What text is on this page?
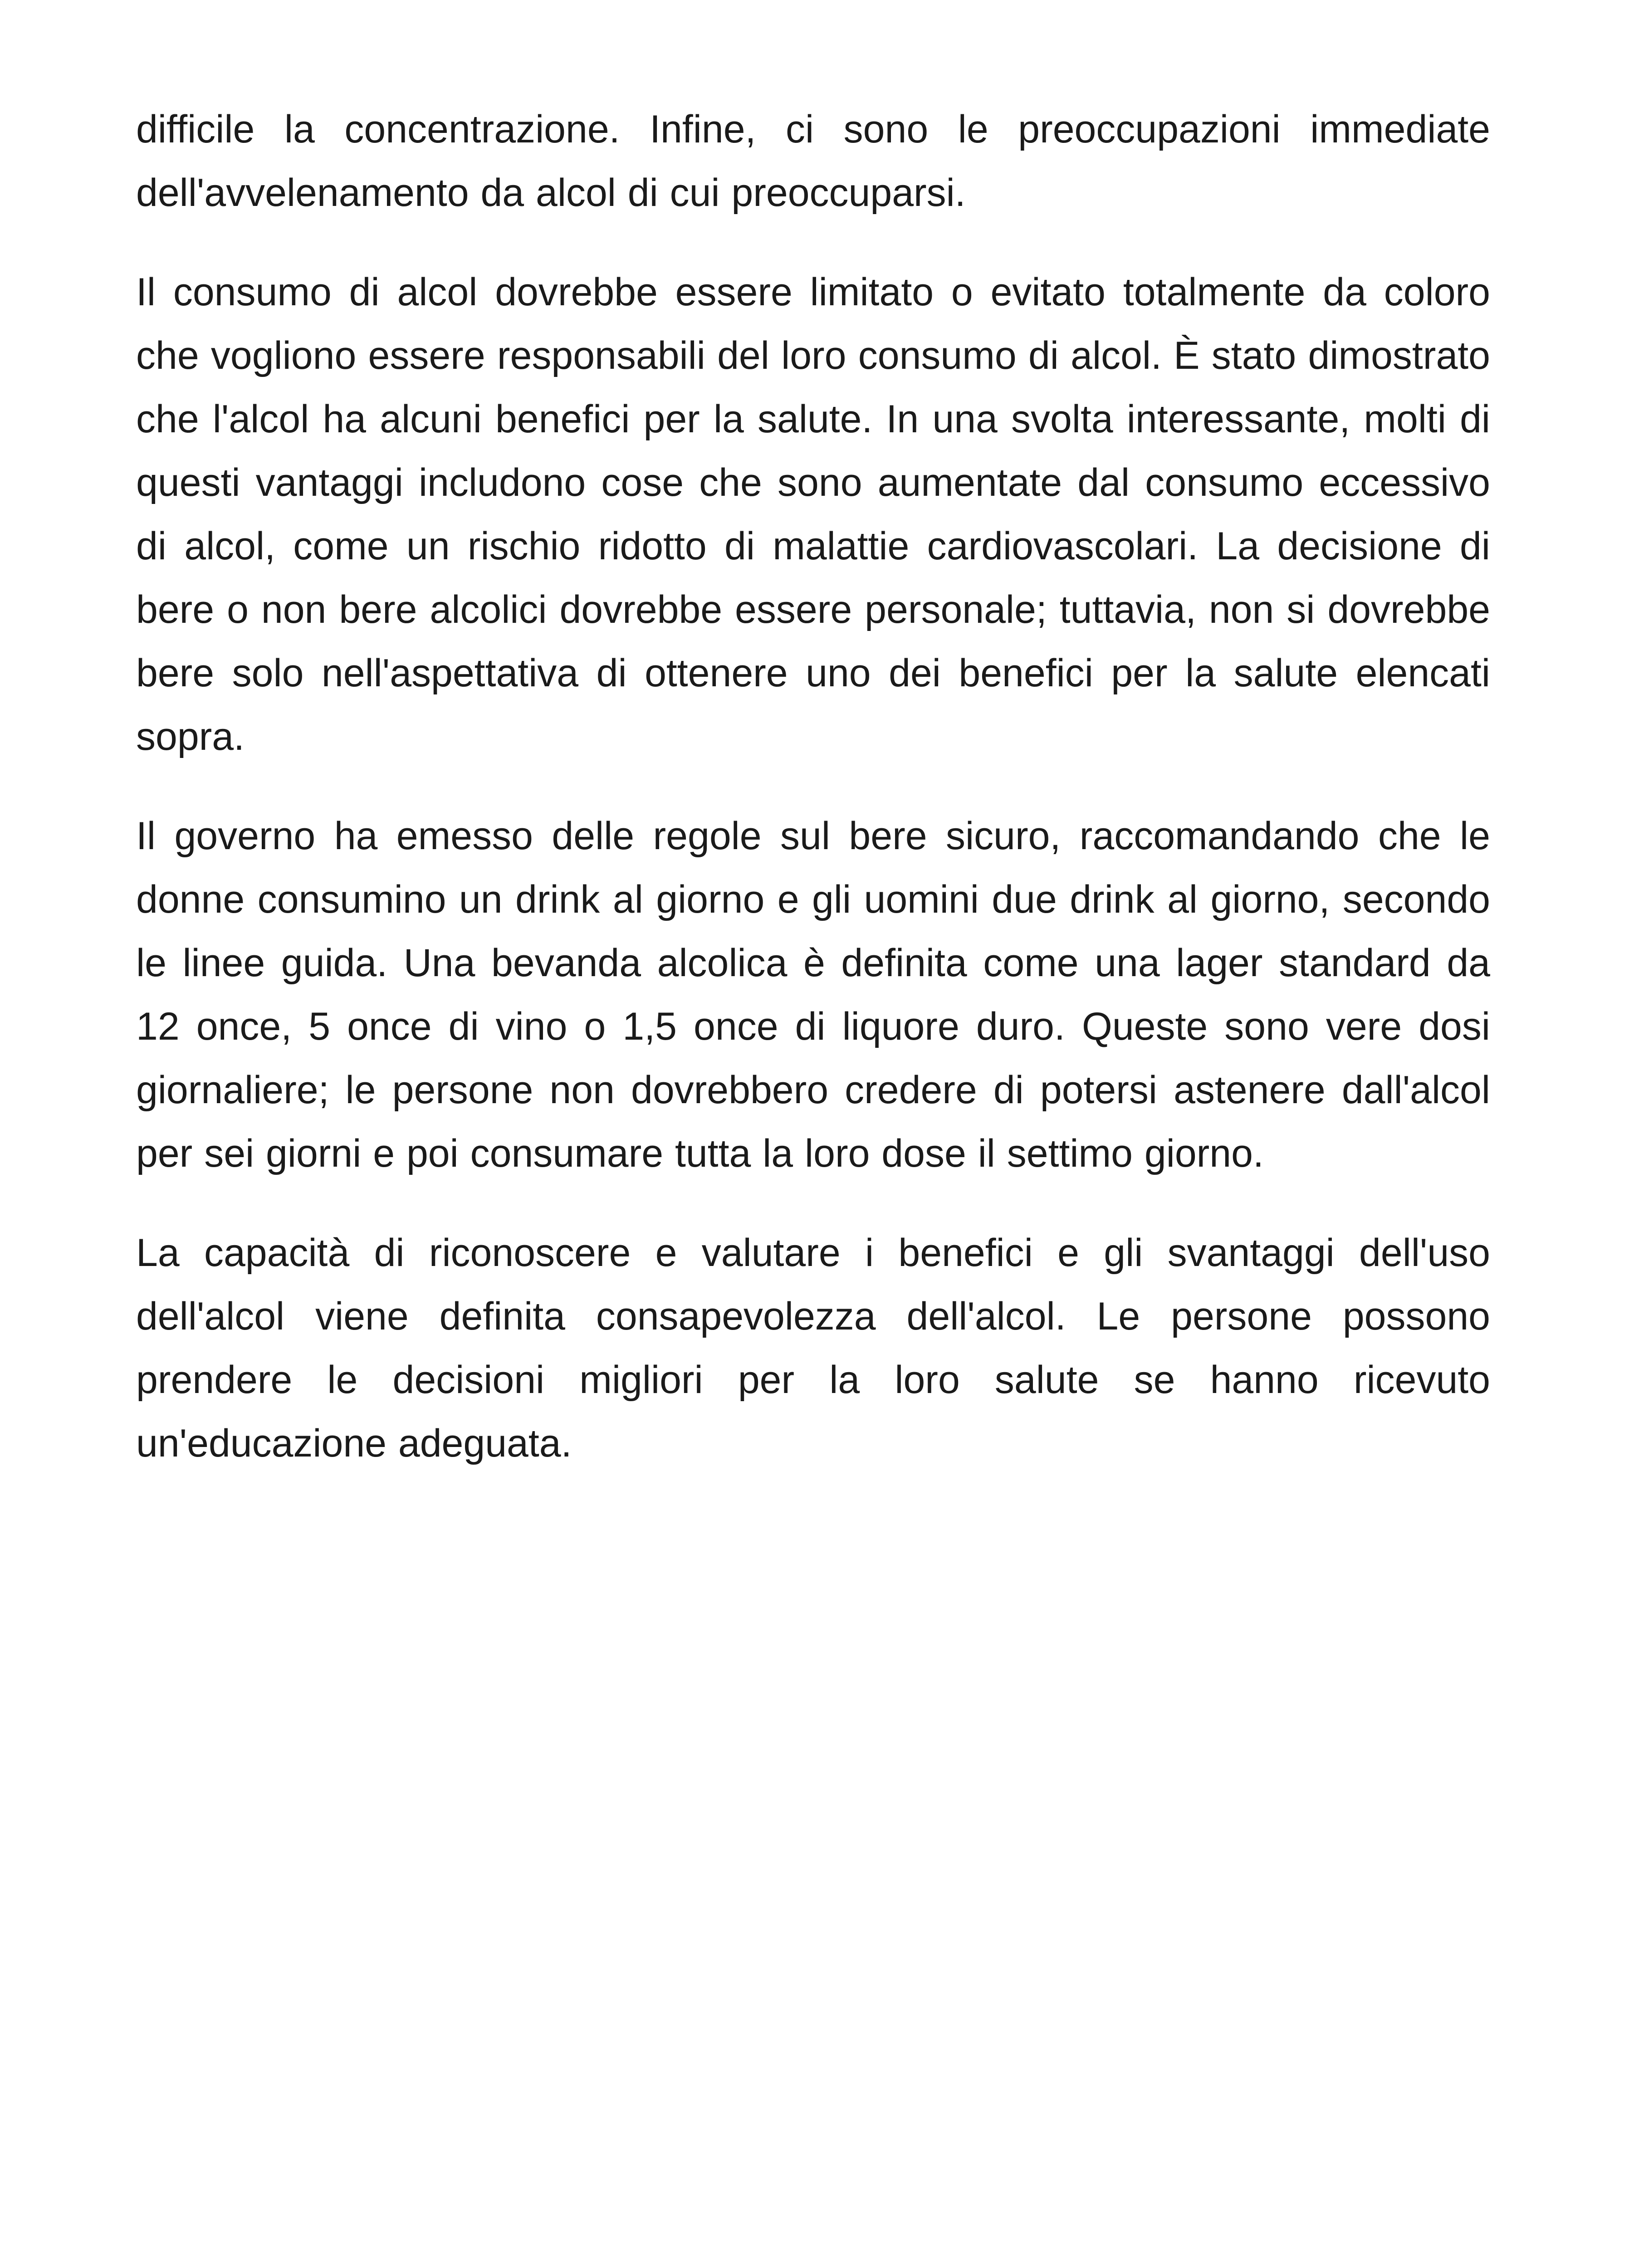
difficile la concentrazione. Infine, ci sono le preoccupazioni immediate dell'avvelenamento da alcol di cui preoccuparsi.

Il consumo di alcol dovrebbe essere limitato o evitato totalmente da coloro che vogliono essere responsabili del loro consumo di alcol. È stato dimostrato che l'alcol ha alcuni benefici per la salute. In una svolta interessante, molti di questi vantaggi includono cose che sono aumentate dal consumo eccessivo di alcol, come un rischio ridotto di malattie cardiovascolari. La decisione di bere o non bere alcolici dovrebbe essere personale; tuttavia, non si dovrebbe bere solo nell'aspettativa di ottenere uno dei benefici per la salute elencati sopra.

Il governo ha emesso delle regole sul bere sicuro, raccomandando che le donne consumino un drink al giorno e gli uomini due drink al giorno, secondo le linee guida. Una bevanda alcolica è definita come una lager standard da 12 once, 5 once di vino o 1,5 once di liquore duro. Queste sono vere dosi giornaliere; le persone non dovrebbero credere di potersi astenere dall'alcol per sei giorni e poi consumare tutta la loro dose il settimo giorno.

La capacità di riconoscere e valutare i benefici e gli svantaggi dell'uso dell'alcol viene definita consapevolezza dell'alcol. Le persone possono prendere le decisioni migliori per la loro salute se hanno ricevuto un'educazione adeguata.
